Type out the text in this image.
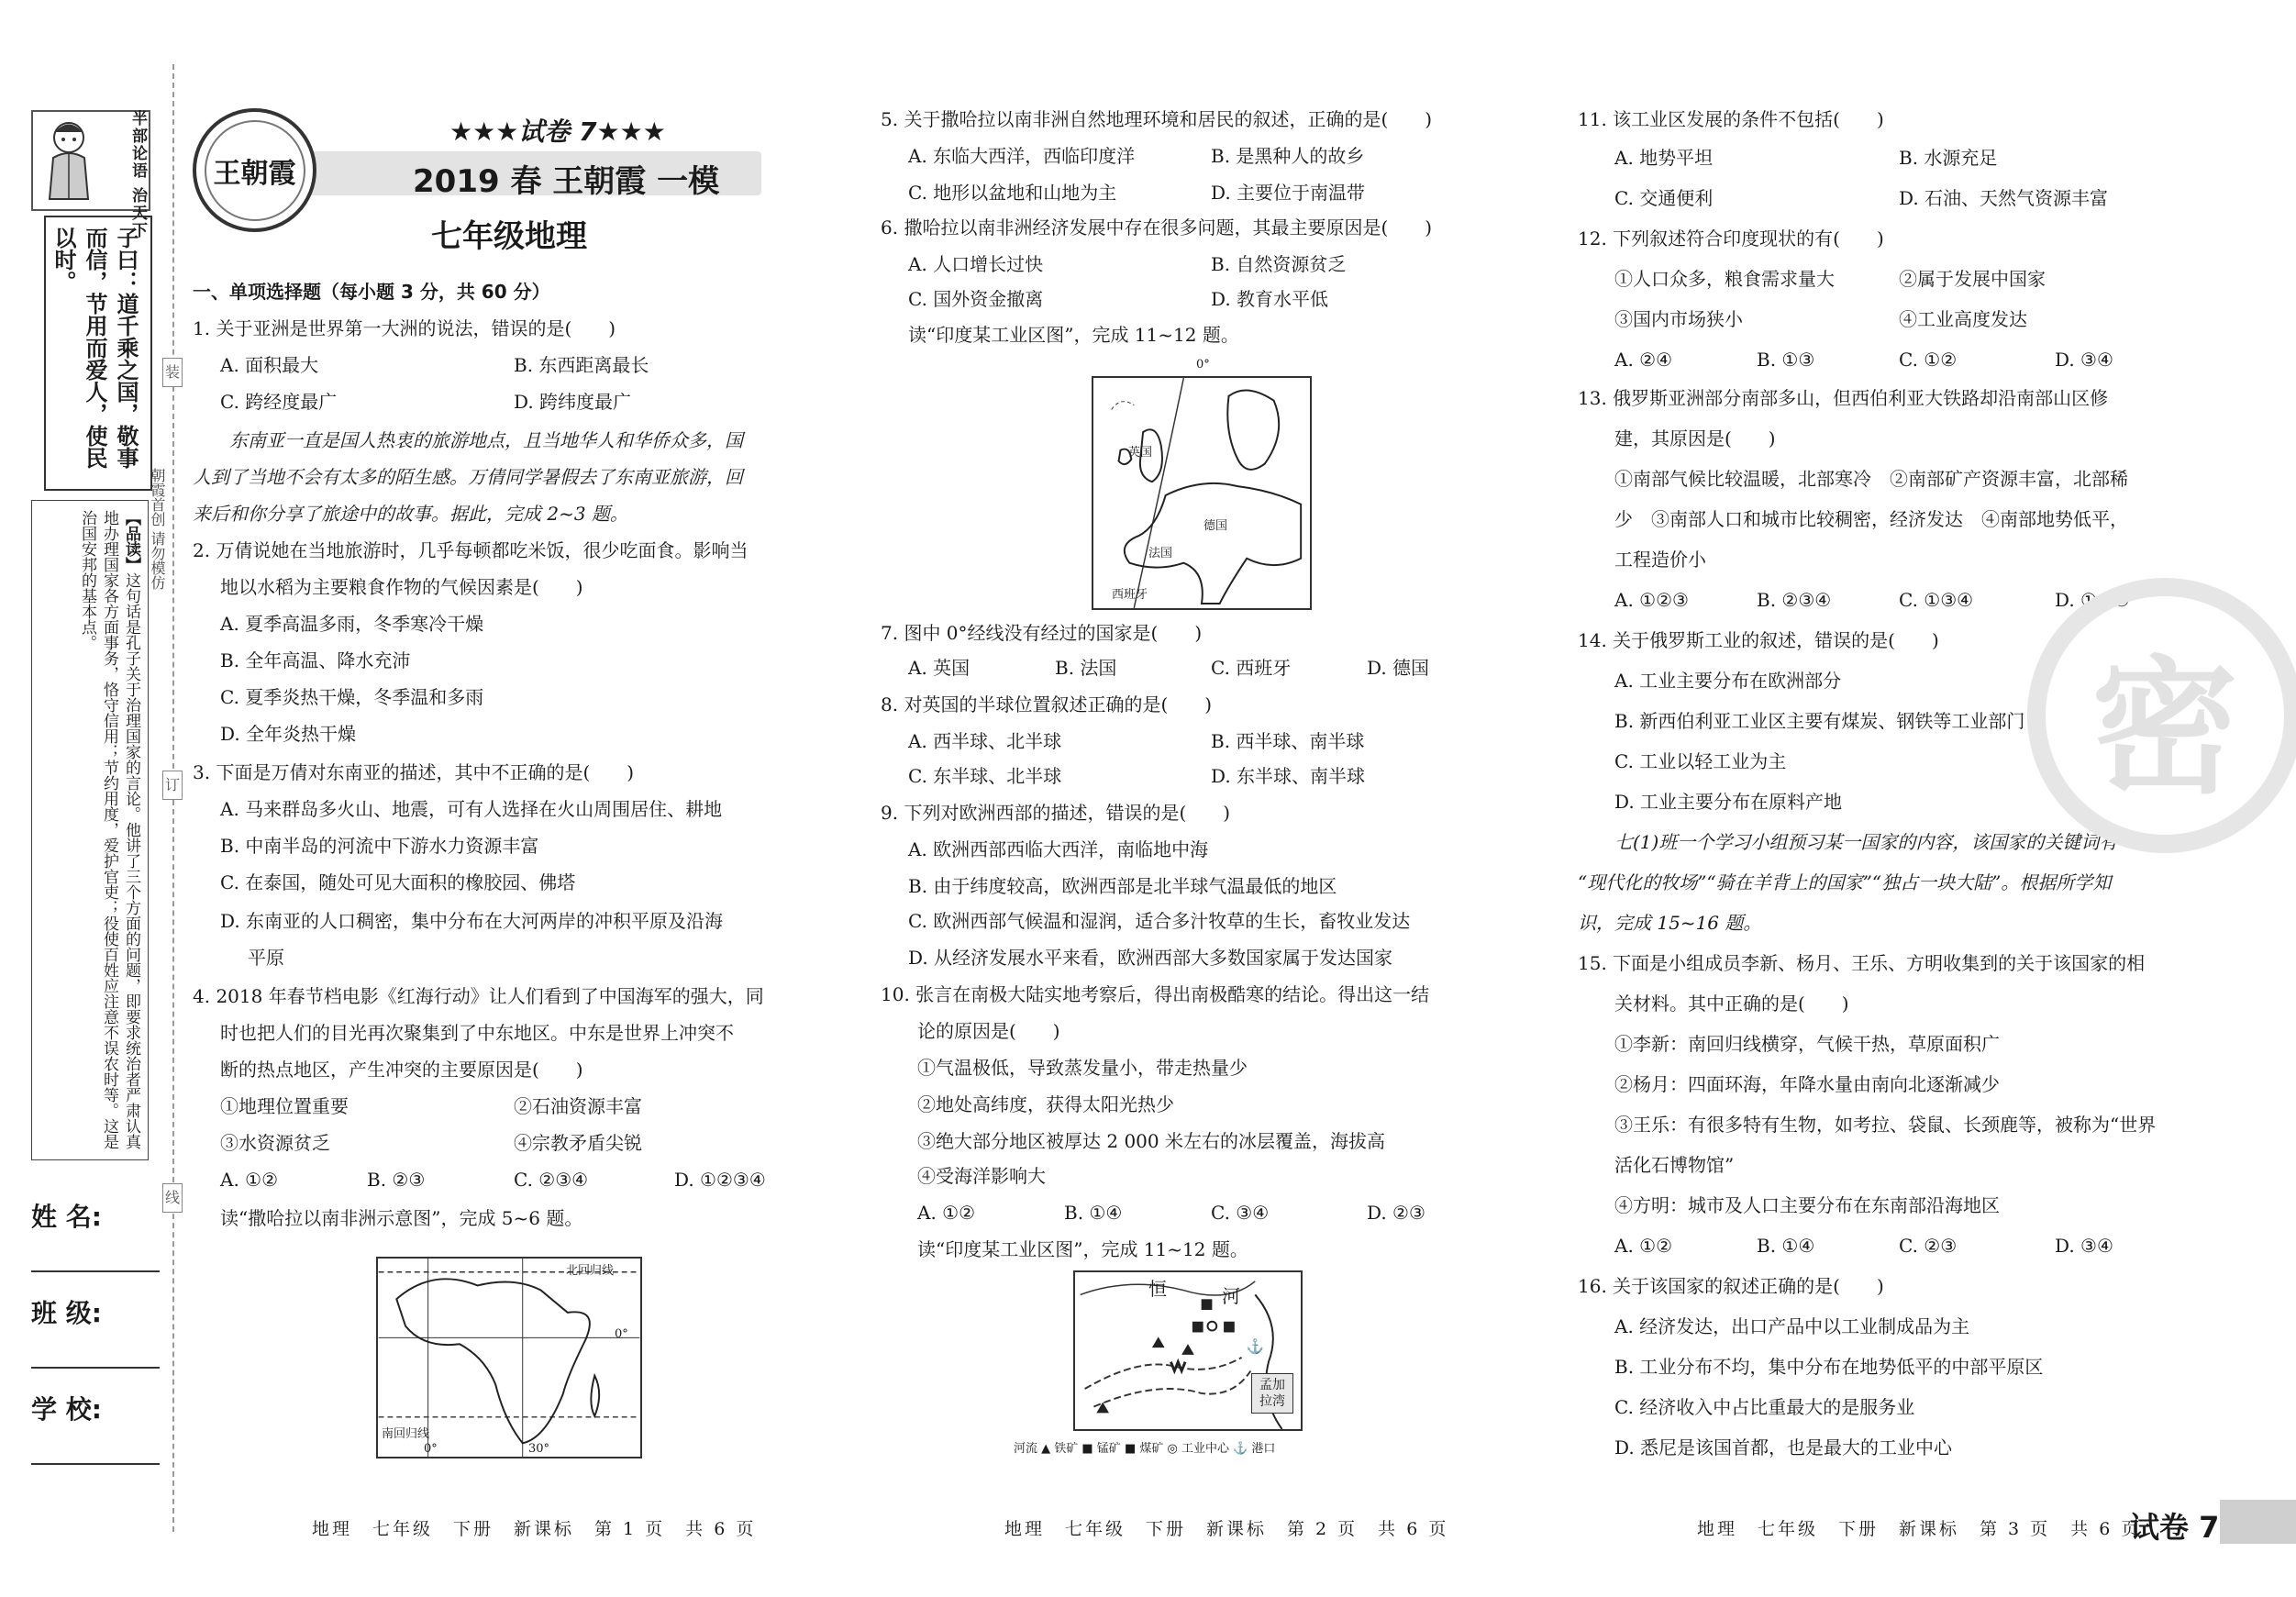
半部论语 治天下
子曰：道千乘之国，敬事而信，节用而爱人，使民以时。
【品读】这句话是孔子关于治理国家的言论。他讲了三个方面的问题，即要求统治者严肃认真地办理国家各方面事务，恪守信用；节约用度，爱护官吏；役使百姓应注意不误农时等。这是治国安邦的基本点。	朝霞首创 请勿模仿
装
订
线
姓 名:
班 级:
学 校:
王朝霞
★★★试卷 7★★★
2019 春 王朝霞 一模
七年级地理
一、单项选择题（每小题 3 分，共 60 分）
1. 关于亚洲是世界第一大洲的说法，错误的是(　　)
A. 面积最大	B. 东西距离最长
C. 跨经度最广	D. 跨纬度最广
东南亚一直是国人热衷的旅游地点，且当地华人和华侨众多，国
人到了当地不会有太多的陌生感。万倩同学暑假去了东南亚旅游，回
来后和你分享了旅途中的故事。据此，完成 2~3 题。
2. 万倩说她在当地旅游时，几乎每顿都吃米饭，很少吃面食。影响当
地以水稻为主要粮食作物的气候因素是(　　)
A. 夏季高温多雨，冬季寒冷干燥
B. 全年高温、降水充沛
C. 夏季炎热干燥，冬季温和多雨
D. 全年炎热干燥
3. 下面是万倩对东南亚的描述，其中不正确的是(　　)
A. 马来群岛多火山、地震，可有人选择在火山周围居住、耕地
B. 中南半岛的河流中下游水力资源丰富
C. 在泰国，随处可见大面积的橡胶园、佛塔
D. 东南亚的人口稠密，集中分布在大河两岸的冲积平原及沿海
平原
4. 2018 年春节档电影《红海行动》让人们看到了中国海军的强大，同
时也把人们的目光再次聚集到了中东地区。中东是世界上冲突不
断的热点地区，产生冲突的主要原因是(　　)
①地理位置重要	②石油资源丰富
③水资源贫乏	④宗教矛盾尖锐
A. ①②	B. ②③	C. ②③④	D. ①②③④
读“撒哈拉以南非洲示意图”，完成 5~6 题。
北回归线
0°
南回归线
0°	30°
5. 关于撒哈拉以南非洲自然地理环境和居民的叙述，正确的是(　　)
A. 东临大西洋，西临印度洋	B. 是黑种人的故乡
C. 地形以盆地和山地为主	D. 主要位于南温带
6. 撒哈拉以南非洲经济发展中存在很多问题，其最主要原因是(　　)
A. 人口增长过快	B. 自然资源贫乏
C. 国外资金撤离	D. 教育水平低
读“印度某工业区图”，完成 11~12 题。
7. 图中 0°经线没有经过的国家是(　　)
A. 英国	B. 法国	C. 西班牙	D. 德国
8. 对英国的半球位置叙述正确的是(　　)
A. 西半球、北半球	B. 西半球、南半球
C. 东半球、北半球	D. 东半球、南半球
9. 下列对欧洲西部的描述，错误的是(　　)
A. 欧洲西部西临大西洋，南临地中海
B. 由于纬度较高，欧洲西部是北半球气温最低的地区
C. 欧洲西部气候温和湿润，适合多汁牧草的生长，畜牧业发达
D. 从经济发展水平来看，欧洲西部大多数国家属于发达国家
10. 张言在南极大陆实地考察后，得出南极酷寒的结论。得出这一结
论的原因是(　　)
①气温极低，导致蒸发量小，带走热量少
②地处高纬度，获得太阳光热少
③绝大部分地区被厚达 2 000 米左右的冰层覆盖，海拔高
④受海洋影响大
A. ①②	B. ①④	C. ③④	D. ②③
读“印度某工业区图”，完成 11~12 题。
0°
英国
德国
法国
西班牙
⚓
恒	河
孟加拉湾
河流 ▲ 铁矿 ■ 锰矿 ■ 煤矿 ◎ 工业中心 ⚓ 港口
11. 该工业区发展的条件不包括(　　)
A. 地势平坦	B. 水源充足
C. 交通便利	D. 石油、天然气资源丰富
12. 下列叙述符合印度现状的有(　　)
①人口众多，粮食需求量大	②属于发展中国家
③国内市场狭小	④工业高度发达
A. ②④	B. ①③	C. ①②	D. ③④
13. 俄罗斯亚洲部分南部多山，但西伯利亚大铁路却沿南部山区修
建，其原因是(　　)
①南部气候比较温暖，北部寒冷　②南部矿产资源丰富，北部稀
少　③南部人口和城市比较稠密，经济发达　④南部地势低平，
工程造价小
A. ①②③	B. ②③④	C. ①③④	D. ①②④
14. 关于俄罗斯工业的叙述，错误的是(　　)
A. 工业主要分布在欧洲部分
B. 新西伯利亚工业区主要有煤炭、钢铁等工业部门
C. 工业以轻工业为主
D. 工业主要分布在原料产地
七(1)班一个学习小组预习某一国家的内容，该国家的关键词有
“现代化的牧场”“骑在羊背上的国家”“独占一块大陆”。根据所学知
识，完成 15~16 题。
15. 下面是小组成员李新、杨月、王乐、方明收集到的关于该国家的相
关材料。其中正确的是(　　)
①李新：南回归线横穿，气候干热，草原面积广
②杨月：四面环海，年降水量由南向北逐渐减少
③王乐：有很多特有生物，如考拉、袋鼠、长颈鹿等，被称为“世界
活化石博物馆”
④方明：城市及人口主要分布在东南部沿海地区
A. ①②	B. ①④	C. ②③	D. ③④
16. 关于该国家的叙述正确的是(　　)
A. 经济发达，出口产品中以工业制成品为主
B. 工业分布不均，集中分布在地势低平的中部平原区
C. 经济收入中占比重最大的是服务业
D. 悉尼是该国首都，也是最大的工业中心
密
地理　七年级　下册　新课标　第 1 页　共 6 页	地理　七年级　下册　新课标　第 2 页　共 6 页	地理　七年级　下册　新课标　第 3 页　共 6 页
试卷 7
